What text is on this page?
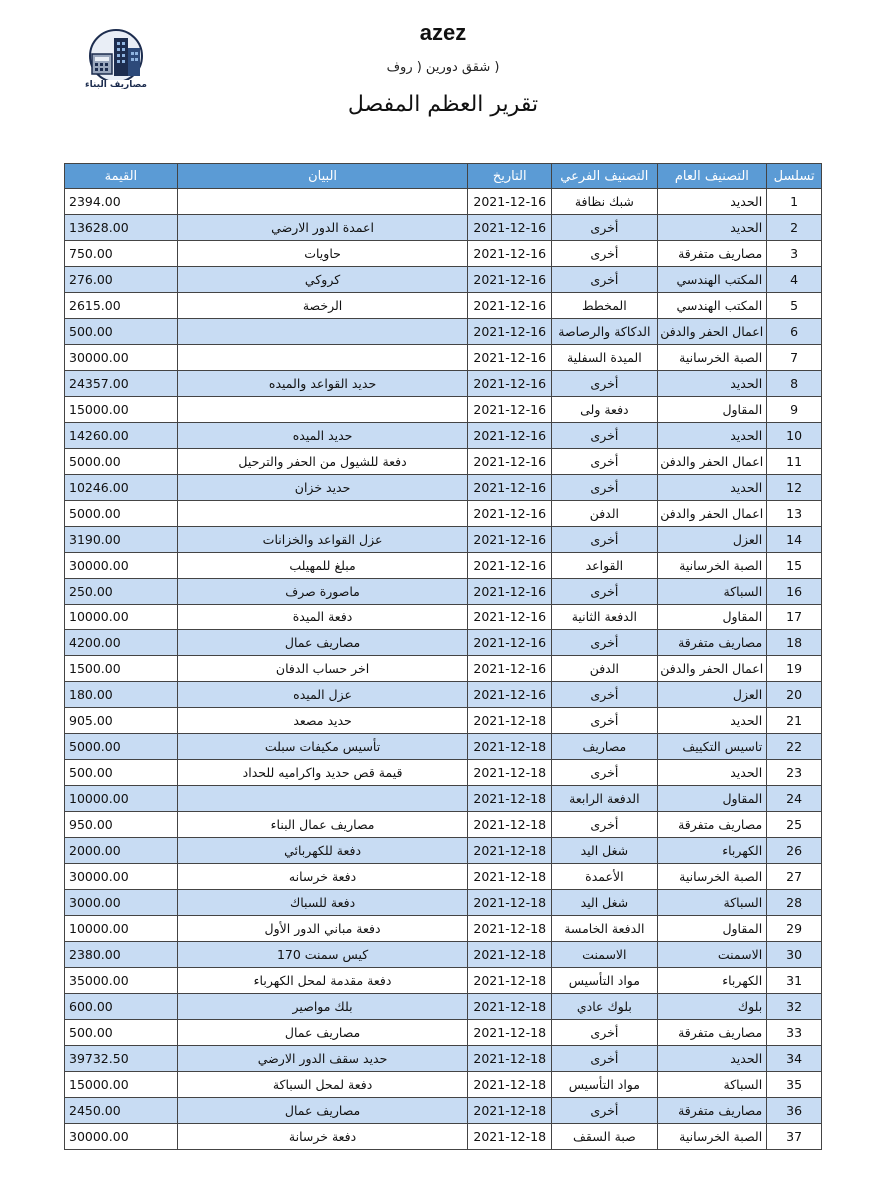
مصاريف البناء
azez
( شقق دورين ( روف
تقرير العظم المفصل
تسلسل	التصنيف العام	التصنيف الفرعي	التاريخ	البيان	القيمة
1	الحديد	شبك نظافة	2021-12-16		2394.00
2	الحديد	أخرى	2021-12-16	اعمدة الدور الارضي	13628.00
3	مصاريف متفرقة	أخرى	2021-12-16	حاويات	750.00
4	المكتب الهندسي	أخرى	2021-12-16	كروكي	276.00
5	المكتب الهندسي	المخطط	2021-12-16	الرخصة	2615.00
6	اعمال الحفر والدفن	الدكاكة والرصاصة	2021-12-16		500.00
7	الصبة الخرسانية	الميدة السفلية	2021-12-16		30000.00
8	الحديد	أخرى	2021-12-16	حديد القواعد والميده	24357.00
9	المقاول	دفعة ولى	2021-12-16		15000.00
10	الحديد	أخرى	2021-12-16	حديد الميده	14260.00
11	اعمال الحفر والدفن	أخرى	2021-12-16	دفعة للشيول من الحفر والترحيل	5000.00
12	الحديد	أخرى	2021-12-16	حديد خزان	10246.00
13	اعمال الحفر والدفن	الدفن	2021-12-16		5000.00
14	العزل	أخرى	2021-12-16	عزل القواعد والخزانات	3190.00
15	الصبة الخرسانية	القواعد	2021-12-16	مبلغ للمهيلب	30000.00
16	السباكة	أخرى	2021-12-16	ماصورة صرف	250.00
17	المقاول	الدفعة الثانية	2021-12-16	دفعة الميدة	10000.00
18	مصاريف متفرقة	أخرى	2021-12-16	مصاريف عمال	4200.00
19	اعمال الحفر والدفن	الدفن	2021-12-16	اخر حساب الدفان	1500.00
20	العزل	أخرى	2021-12-16	عزل الميده	180.00
21	الحديد	أخرى	2021-12-18	حديد مصعد	905.00
22	تاسيس التكييف	مصاريف	2021-12-18	تأسيس مكيفات سبلت	5000.00
23	الحديد	أخرى	2021-12-18	قيمة قص حديد واكراميه للحداد	500.00
24	المقاول	الدفعة الرابعة	2021-12-18		10000.00
25	مصاريف متفرقة	أخرى	2021-12-18	مصاريف عمال البناء	950.00
26	الكهرباء	شغل اليد	2021-12-18	دفعة للكهربائي	2000.00
27	الصبة الخرسانية	الأعمدة	2021-12-18	دفعة خرسانه	30000.00
28	السباكة	شغل اليد	2021-12-18	دفعة للسباك	3000.00
29	المقاول	الدفعة الخامسة	2021-12-18	دفعة مباني الدور الأول	10000.00
30	الاسمنت	الاسمنت	2021-12-18	كيس سمنت 170	2380.00
31	الكهرباء	مواد التأسيس	2021-12-18	دفعة مقدمة لمحل الكهرباء	35000.00
32	بلوك	بلوك عادي	2021-12-18	بلك مواصير	600.00
33	مصاريف متفرقة	أخرى	2021-12-18	مصاريف عمال	500.00
34	الحديد	أخرى	2021-12-18	حديد سقف الدور الارضي	39732.50
35	السباكة	مواد التأسيس	2021-12-18	دفعة لمحل السباكة	15000.00
36	مصاريف متفرقة	أخرى	2021-12-18	مصاريف عمال	2450.00
37	الصبة الخرسانية	صبة السقف	2021-12-18	دفعة خرسانة	30000.00
